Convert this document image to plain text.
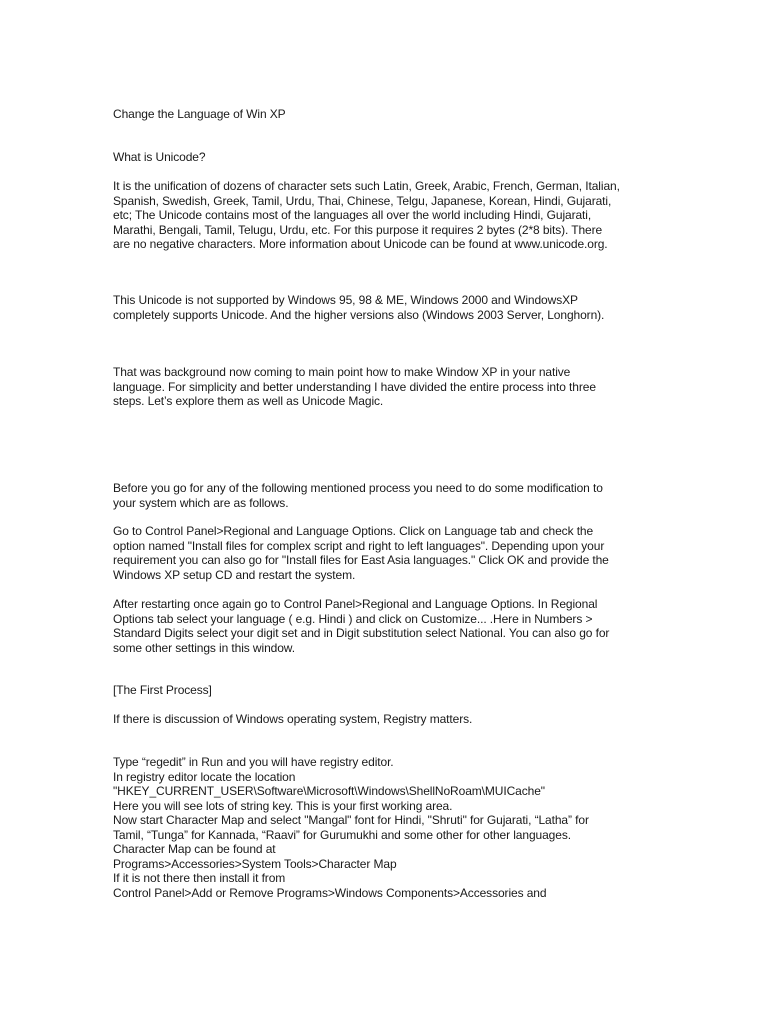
Change the Language of Win XP

What is Unicode?

It is the unification of dozens of character sets such Latin, Greek, Arabic, French, German, Italian,
Spanish, Swedish, Greek, Tamil, Urdu, Thai, Chinese, Telgu, Japanese, Korean, Hindi, Gujarati,
etc; The Unicode contains most of the languages all over the world including Hindi, Gujarati,
Marathi, Bengali, Tamil, Telugu, Urdu, etc. For this purpose it requires 2 bytes (2*8 bits). There
are no negative characters. More information about Unicode can be found at www.unicode.org.

This Unicode is not supported by Windows 95, 98 & ME, Windows 2000 and WindowsXP
completely supports Unicode. And the higher versions also (Windows 2003 Server, Longhorn).

That was background now coming to main point how to make Window XP in your native
language. For simplicity and better understanding I have divided the entire process into three
steps. Let’s explore them as well as Unicode Magic.

Before you go for any of the following mentioned process you need to do some modification to
your system which are as follows.

Go to Control Panel>Regional and Language Options. Click on Language tab and check the
option named "Install files for complex script and right to left languages". Depending upon your
requirement you can also go for "Install files for East Asia languages." Click OK and provide the
Windows XP setup CD and restart the system.

After restarting once again go to Control Panel>Regional and Language Options. In Regional
Options tab select your language ( e.g. Hindi ) and click on Customize... .Here in Numbers >
Standard Digits select your digit set and in Digit substitution select National. You can also go for
some other settings in this window.

[The First Process]

If there is discussion of Windows operating system, Registry matters.

Type “regedit” in Run and you will have registry editor.
In registry editor locate the location
"HKEY_CURRENT_USER\Software\Microsoft\Windows\ShellNoRoam\MUICache"
Here you will see lots of string key. This is your first working area.
Now start Character Map and select "Mangal" font for Hindi, "Shruti" for Gujarati, “Latha” for
Tamil, “Tunga” for Kannada, “Raavi” for Gurumukhi and some other for other languages.
Character Map can be found at
Programs>Accessories>System Tools>Character Map
If it is not there then install it from
Control Panel>Add or Remove Programs>Windows Components>Accessories and
